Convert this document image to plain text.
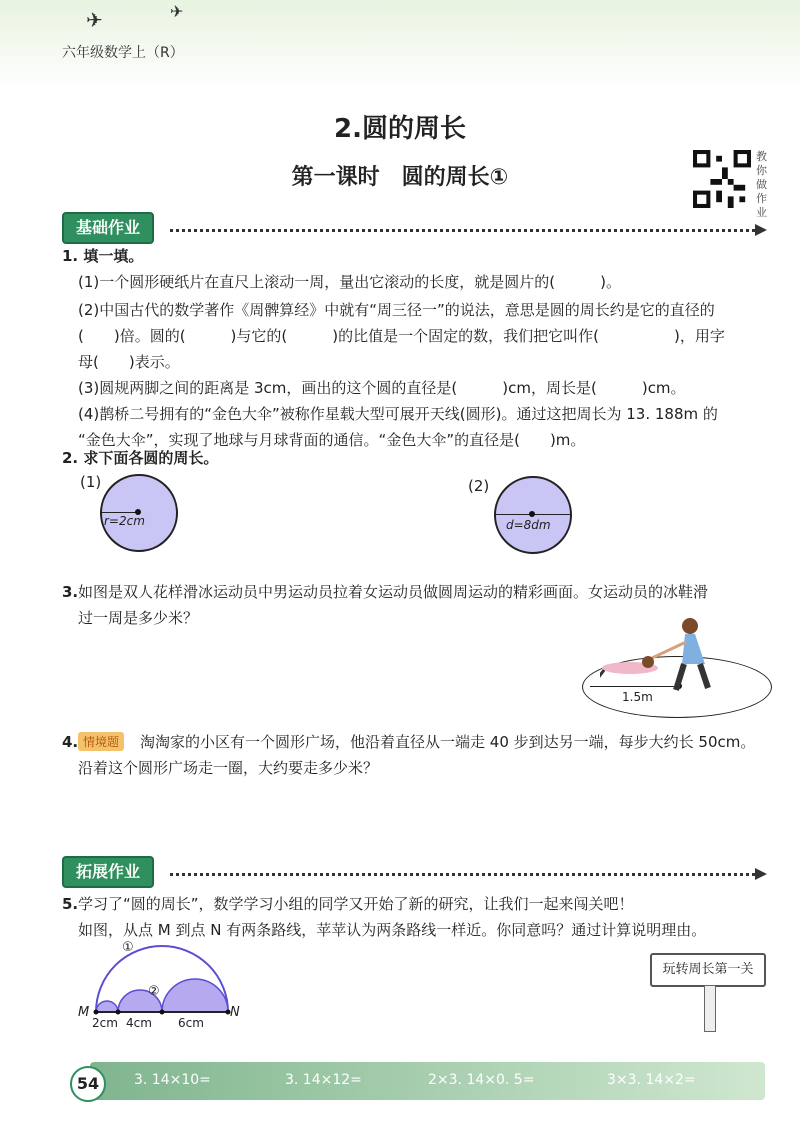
✈	✈
六年级数学上（R）
2.圆的周长
第一课时　圆的周长①
教你做作业
基础作业
1. 填一填。
(1)一个圆形硬纸片在直尺上滚动一周，量出它滚动的长度，就是圆片的(　　　)。
(2)中国古代的数学著作《周髀算经》中就有“周三径一”的说法，意思是圆的周长约是它的直径的
(　　)倍。圆的(　　　)与它的(　　　)的比值是一个固定的数，我们把它叫作(　　　　　)，用字
母(　　)表示。
(3)圆规两脚之间的距离是 3cm，画出的这个圆的直径是(　　　)cm，周长是(　　　)cm。
(4)鹊桥二号拥有的“金色大伞”被称作星载大型可展开天线(圆形)。通过这把周长为 13. 188m 的
“金色大伞”，实现了地球与月球背面的通信。“金色大伞”的直径是(　　)m。
2. 求下面各圆的周长。
(1)
r=2cm
(2)
d=8dm
3. 如图是双人花样滑冰运动员中男运动员拉着女运动员做圆周运动的精彩画面。女运动员的冰鞋滑
过一周是多少米？
1.5m
4. 情境题	淘淘家的小区有一个圆形广场，他沿着直径从一端走 40 步到达另一端，每步大约长 50cm。
沿着这个圆形广场走一圈，大约要走多少米？
拓展作业
5. 学习了“圆的周长”，数学学习小组的同学又开始了新的研究，让我们一起来闯关吧！
如图，从点 M 到点 N 有两条路线，苹苹认为两条路线一样近。你同意吗？通过计算说明理由。
①
②
M	N
2cm 4cm 6cm
玩转周长第一关
54	3. 14×10=	3. 14×12=	2×3. 14×0. 5=	3×3. 14×2=
